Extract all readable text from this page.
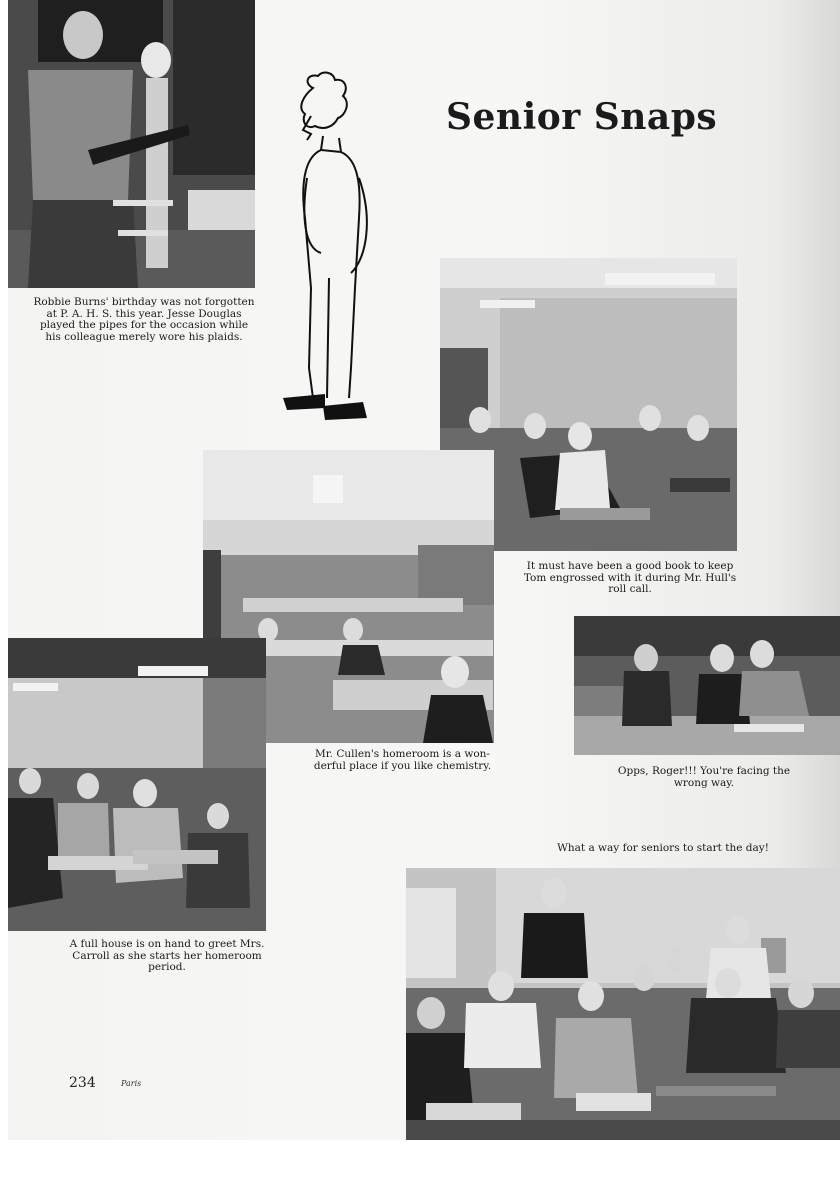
Robbie Burns' birthday was not forgotten
at P. A. H. S. this year. Jesse Douglas
played the pipes for the occasion while
his colleague merely wore his plaids.

Senior Snaps

It must have been a good book to keep
Tom engrossed with it during Mr. Hull's
roll call.

Mr. Cullen's homeroom is a won-
derful place if you like chemistry.	Opps, Roger!!! You're facing the
wrong way.

What a way for seniors to start the day!

A full house is on hand to greet Mrs.
Carroll as she starts her homeroom period.

234	Paris
